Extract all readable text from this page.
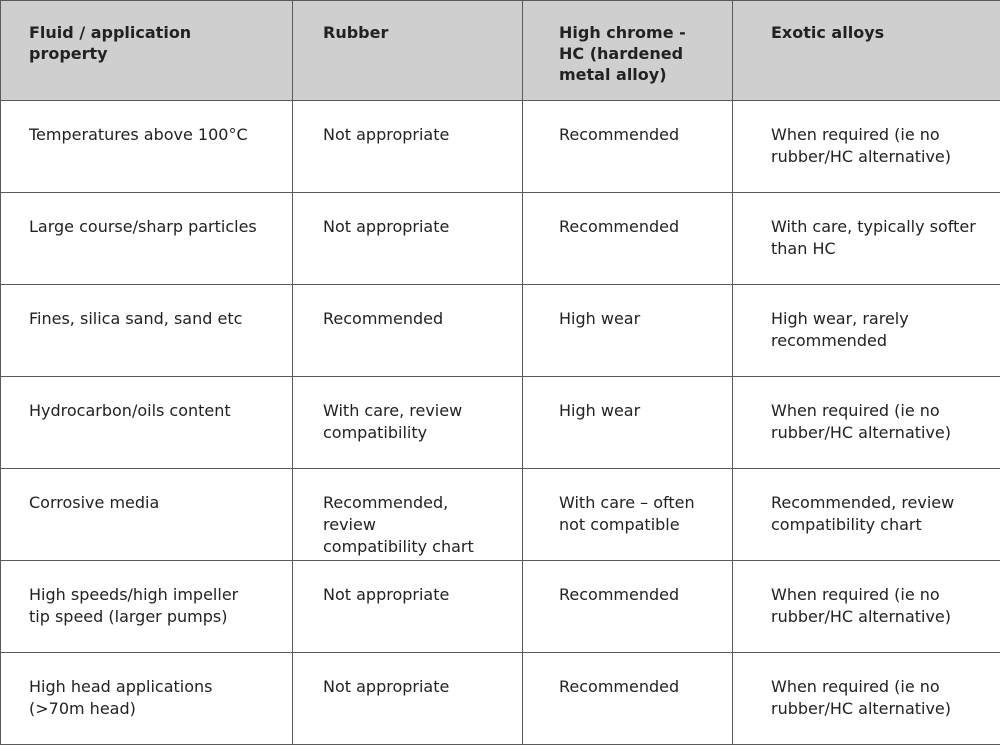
Fluid / application property	Rubber	High chrome -
HC (hardened
metal alloy)	Exotic alloys
Temperatures above 100°C	Not appropriate	Recommended	When required (ie no
rubber/HC alternative)
Large course/sharp particles	Not appropriate	Recommended	With care, typically softer
than HC
Fines, silica sand, sand etc	Recommended	High wear	High wear, rarely
recommended
Hydrocarbon/oils content	With care, review
compatibility	High wear	When required (ie no
rubber/HC alternative)
Corrosive media	Recommended, review
compatibility chart	With care – often
not compatible	Recommended, review
compatibility chart
High speeds/high impeller
tip speed (larger pumps)	Not appropriate	Recommended	When required (ie no
rubber/HC alternative)
High head applications
(>70m head)	Not appropriate	Recommended	When required (ie no
rubber/HC alternative)
